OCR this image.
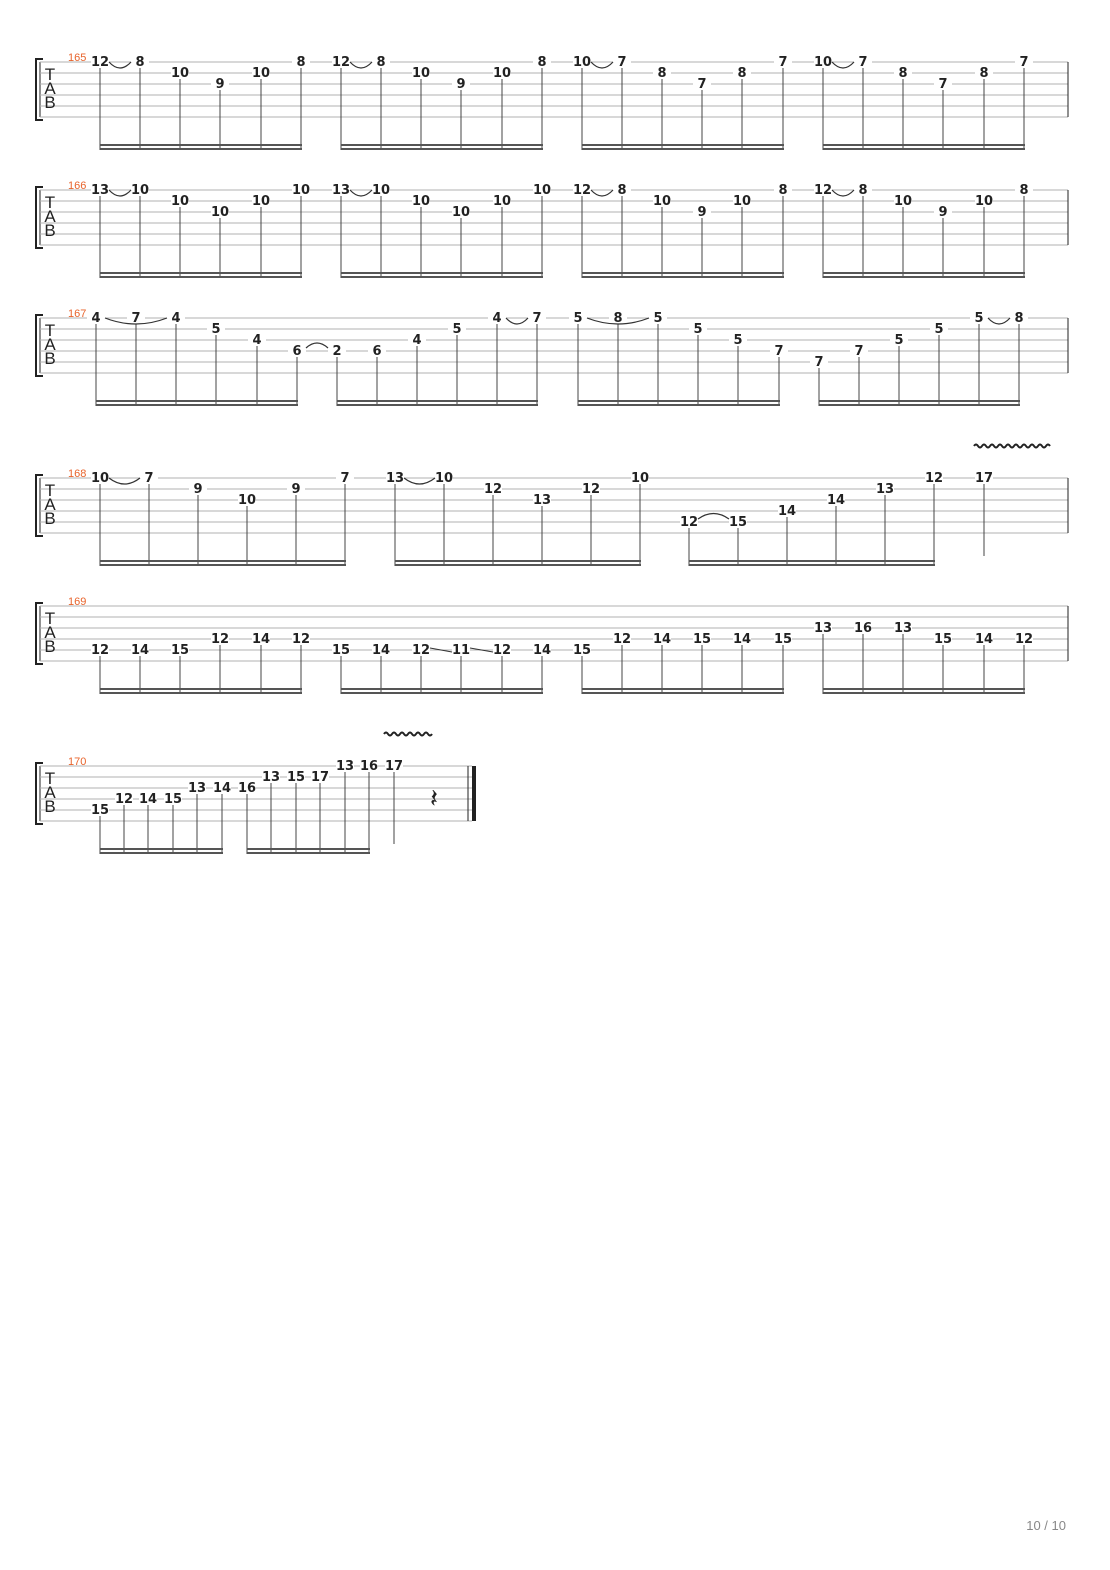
165
T
A
B
12 8
10
9
10
8 12 8
10
9
10
8 10 7
8
7
8
7 10 7
8
7
8
7
166
T
A
B
13 10
10
10
10
10 13 10
10
10
10
10 12 8
10
9
10
8 12 8
10
9
10
8
167
T
A
B
4 7 4
5
4
6 2 6
4
5
4 7 5 8 5
5
5
7
7
7
5
5
5 8
168
T
A
B
10	7
9
10
9
7	13 10
12
13
12
10
12 15
14
14
13
12 17
169
T
A
B	12 14 15
12 14 12
15 14 12 11 12 14 15
12 14 15 14 15
13 16 13
15 14 12
170
T
A
B	15
12 14 15
13 14 16
13 15 17
13 16 17
𝄽
10 / 10
